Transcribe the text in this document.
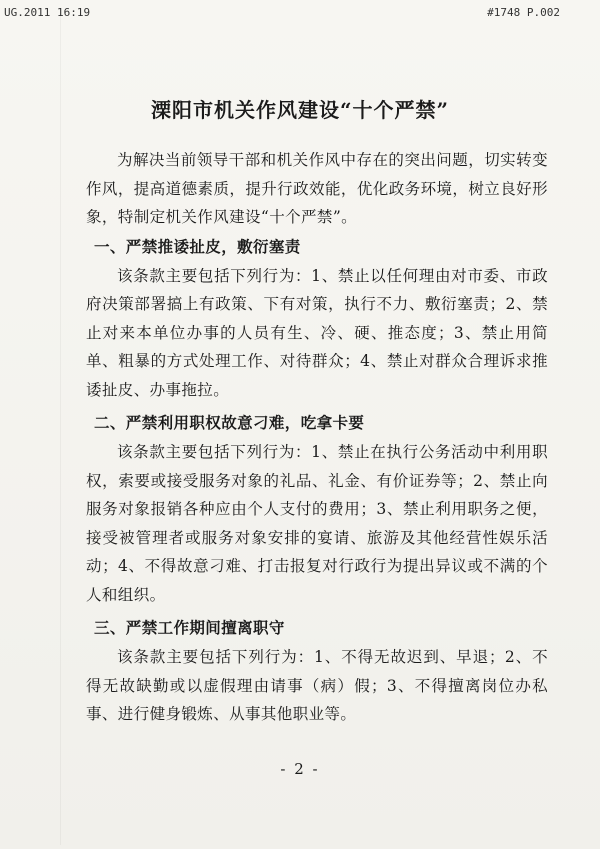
UG.2011 16:19	#1748 P.002
溧阳市机关作风建设“十个严禁”

为解决当前领导干部和机关作风中存在的突出问题，切实转变作风，提高道德素质，提升行政效能，优化政务环境，树立良好形象，特制定机关作风建设“十个严禁”。

一、严禁推诿扯皮，敷衍塞责

该条款主要包括下列行为：1、禁止以任何理由对市委、市政府决策部署搞上有政策、下有对策，执行不力、敷衍塞责；2、禁止对来本单位办事的人员有生、冷、硬、推态度；3、禁止用简单、粗暴的方式处理工作、对待群众；4、禁止对群众合理诉求推诿扯皮、办事拖拉。

二、严禁利用职权故意刁难，吃拿卡要

该条款主要包括下列行为：1、禁止在执行公务活动中利用职权，索要或接受服务对象的礼品、礼金、有价证券等；2、禁止向服务对象报销各种应由个人支付的费用；3、禁止利用职务之便，接受被管理者或服务对象安排的宴请、旅游及其他经营性娱乐活动；4、不得故意刁难、打击报复对行政行为提出异议或不满的个人和组织。

三、严禁工作期间擅离职守

该条款主要包括下列行为：1、不得无故迟到、早退；2、不得无故缺勤或以虚假理由请事（病）假；3、不得擅离岗位办私事、进行健身锻炼、从事其他职业等。

- 2 -
